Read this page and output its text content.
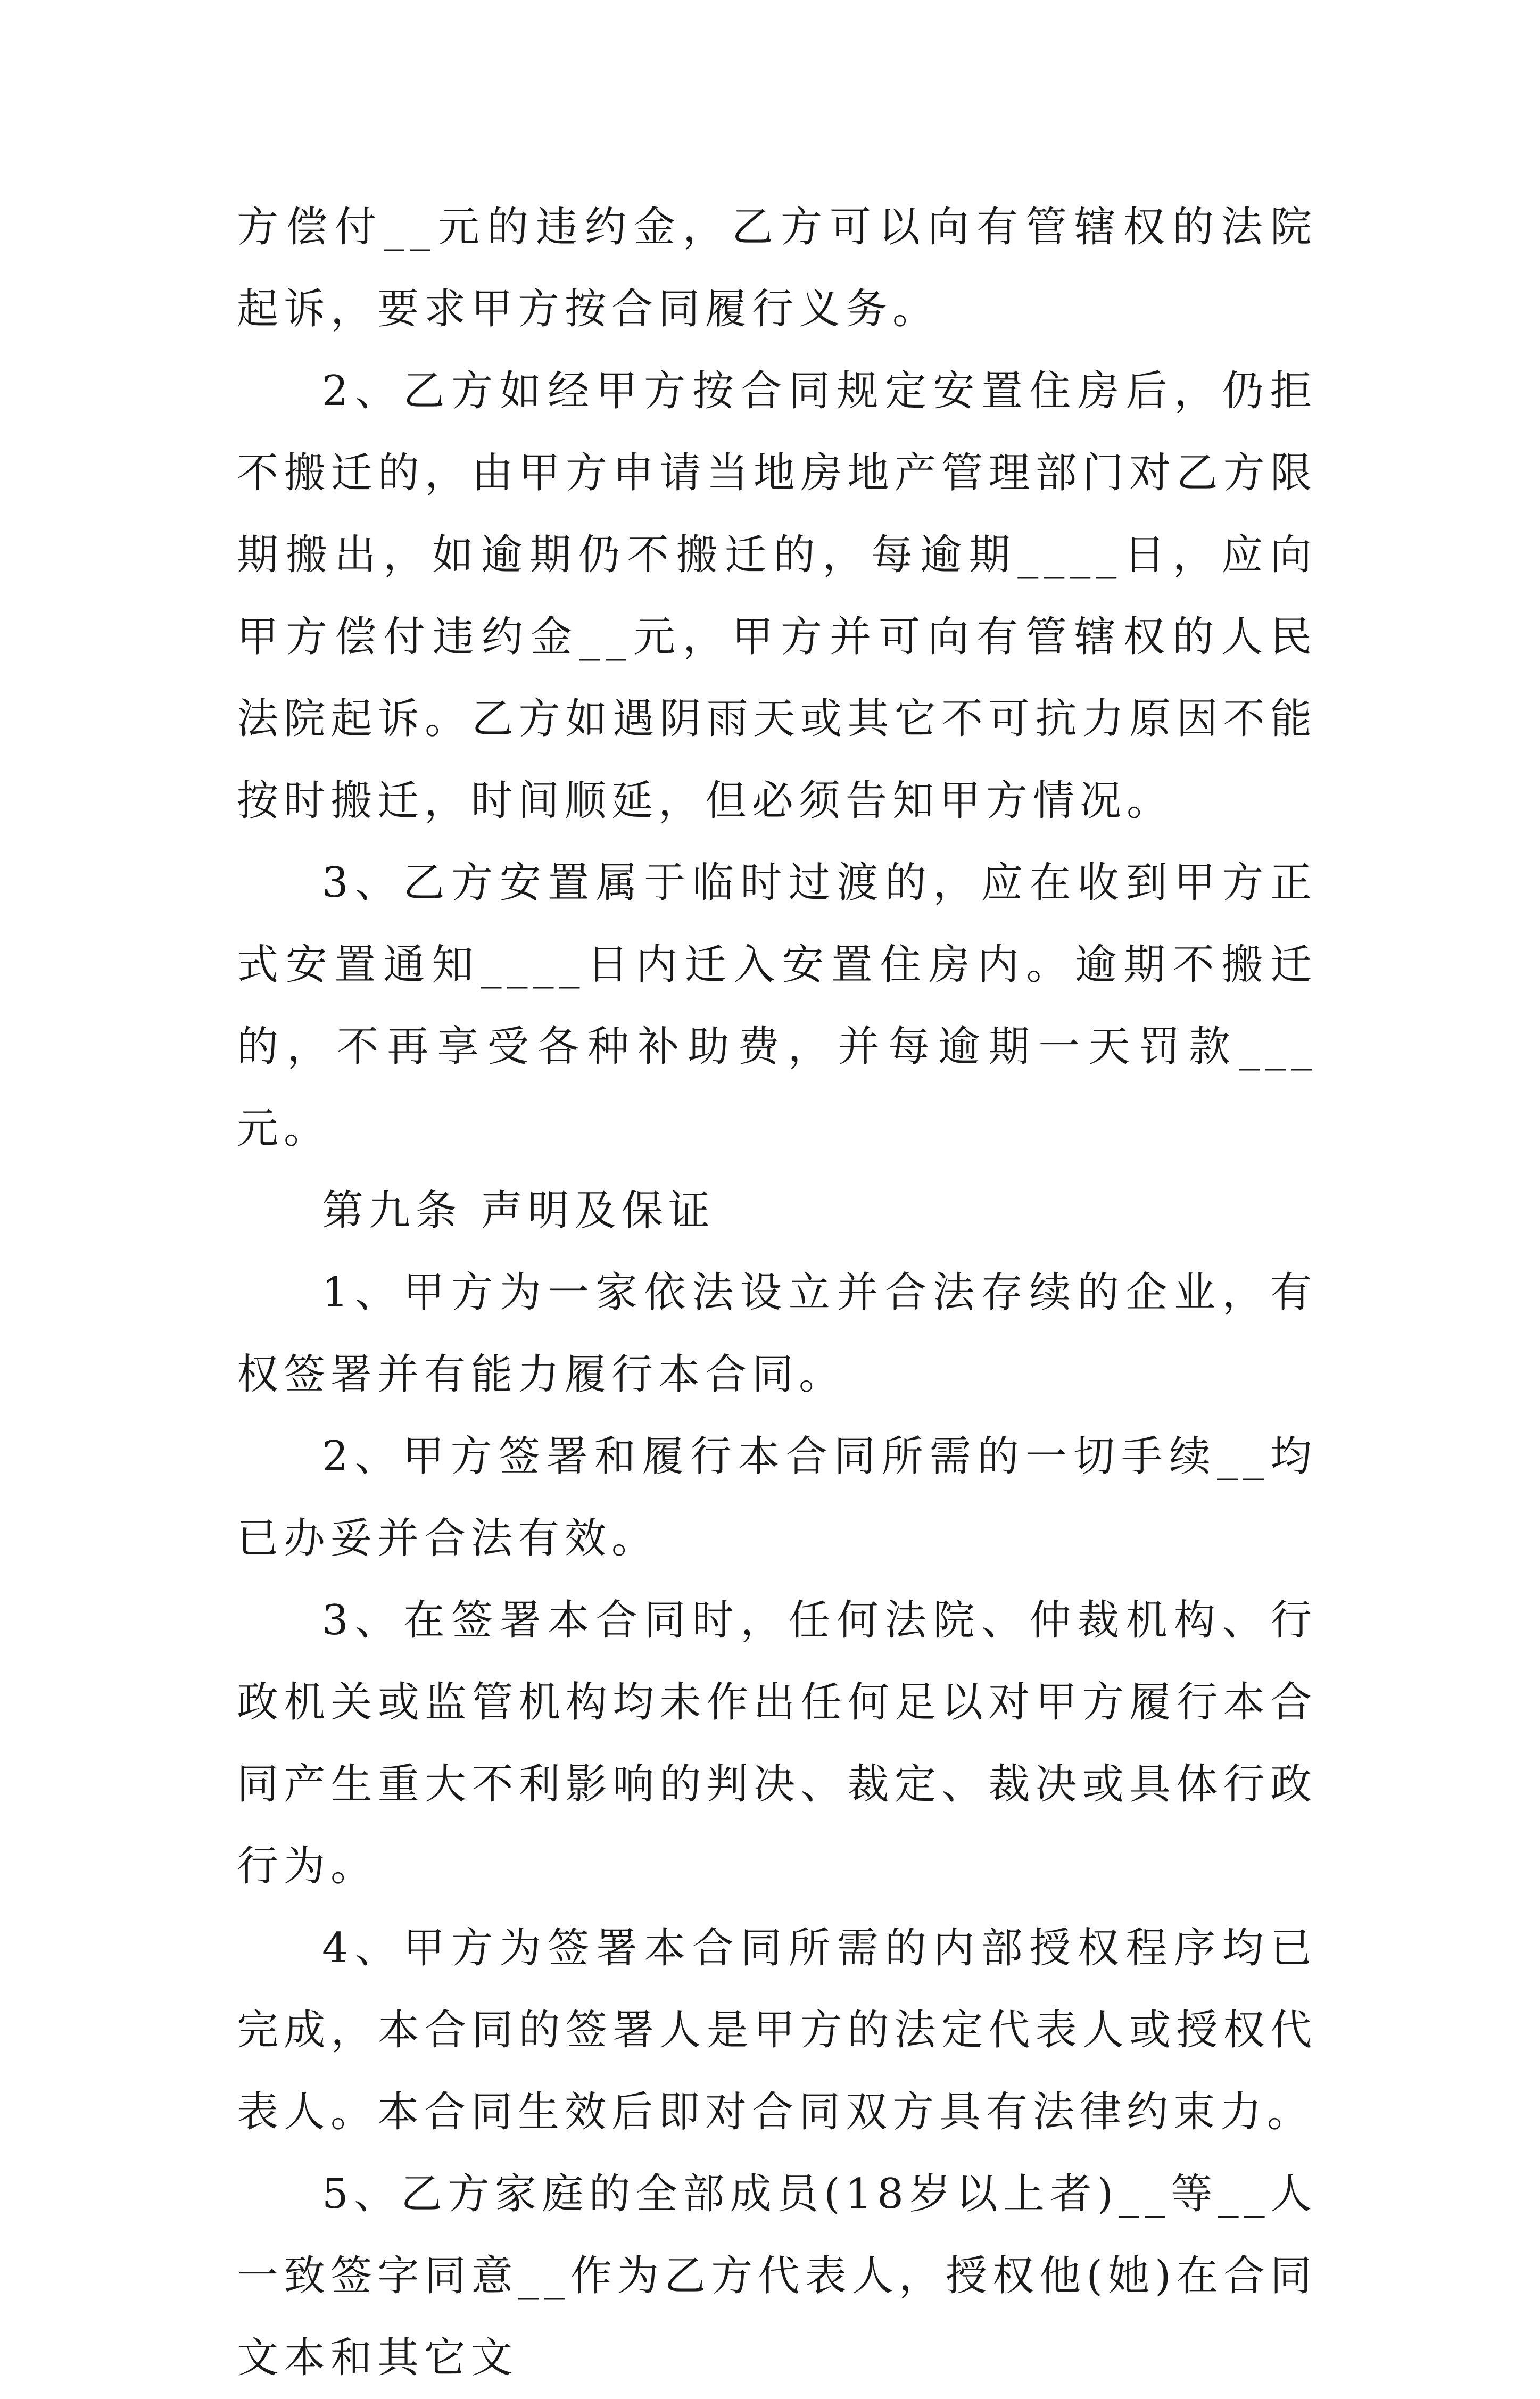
方偿付__元的违约金，乙方可以向有管辖权的法院起诉，要求甲方按合同履行义务。

2、乙方如经甲方按合同规定安置住房后，仍拒不搬迁的，由甲方申请当地房地产管理部门对乙方限期搬出，如逾期仍不搬迁的，每逾期____日，应向甲方偿付违约金__元，甲方并可向有管辖权的人民法院起诉。乙方如遇阴雨天或其它不可抗力原因不能按时搬迁，时间顺延，但必须告知甲方情况。

3、乙方安置属于临时过渡的，应在收到甲方正式安置通知____日内迁入安置住房内。逾期不搬迁的，不再享受各种补助费，并每逾期一天罚款___元。

第九条 声明及保证

1、甲方为一家依法设立并合法存续的企业，有权签署并有能力履行本合同。

2、甲方签署和履行本合同所需的一切手续__均已办妥并合法有效。

3、在签署本合同时，任何法院、仲裁机构、行政机关或监管机构均未作出任何足以对甲方履行本合同产生重大不利影响的判决、裁定、裁决或具体行政行为。

4、甲方为签署本合同所需的内部授权程序均已完成，本合同的签署人是甲方的法定代表人或授权代表人。本合同生效后即对合同双方具有法律约束力。

5、乙方家庭的全部成员(18岁以上者)__等__人一致签字同意__作为乙方代表人，授权他(她)在合同文本和其它文
